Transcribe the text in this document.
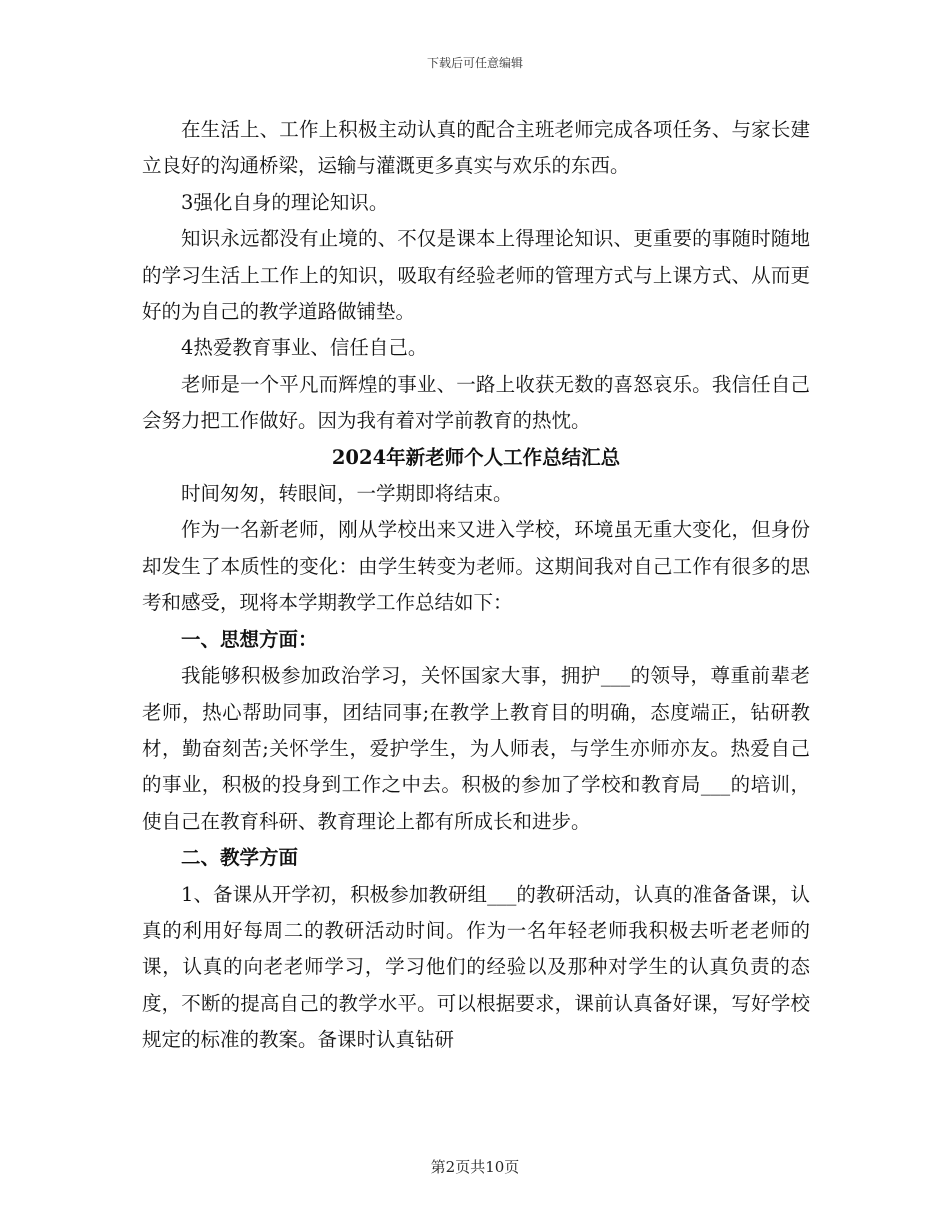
下载后可任意编辑

在生活上、工作上积极主动认真的配合主班老师完成各项任务、与家长建立良好的沟通桥梁，运输与灌溉更多真实与欢乐的东西。

3强化自身的理论知识。

知识永远都没有止境的、不仅是课本上得理论知识、更重要的事随时随地的学习生活上工作上的知识，吸取有经验老师的管理方式与上课方式、从而更好的为自己的教学道路做铺垫。

4热爱教育事业、信任自己。

老师是一个平凡而辉煌的事业、一路上收获无数的喜怒哀乐。我信任自己会努力把工作做好。因为我有着对学前教育的热忱。

2024年新老师个人工作总结汇总

时间匆匆，转眼间，一学期即将结束。

作为一名新老师，刚从学校出来又进入学校，环境虽无重大变化，但身份却发生了本质性的变化：由学生转变为老师。这期间我对自己工作有很多的思考和感受，现将本学期教学工作总结如下：

一、思想方面：

我能够积极参加政治学习，关怀国家大事，拥护___的领导，尊重前辈老老师，热心帮助同事，团结同事;在教学上教育目的明确，态度端正，钻研教材，勤奋刻苦;关怀学生，爱护学生，为人师表，与学生亦师亦友。热爱自己的事业，积极的投身到工作之中去。积极的参加了学校和教育局___的培训，使自己在教育科研、教育理论上都有所成长和进步。

二、教学方面

1、备课从开学初，积极参加教研组___的教研活动，认真的准备备课，认真的利用好每周二的教研活动时间。作为一名年轻老师我积极去听老老师的课，认真的向老老师学习，学习他们的经验以及那种对学生的认真负责的态度，不断的提高自己的教学水平。可以根据要求，课前认真备好课，写好学校规定的标准的教案。备课时认真钻研

第2页共10页
